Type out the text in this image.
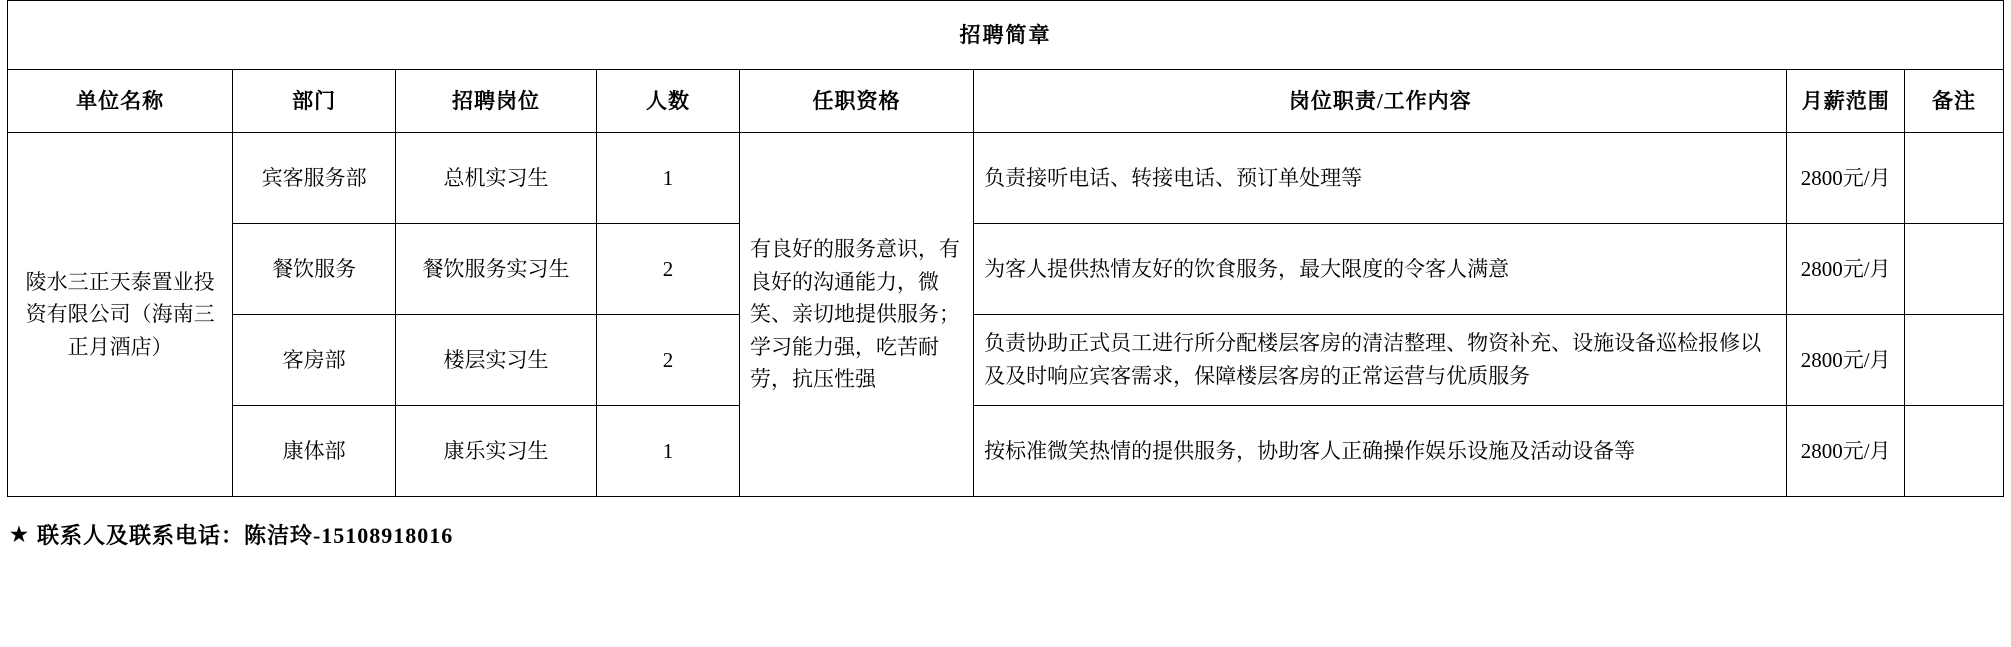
招聘简章							
单位名称	部门	招聘岗位	人数	任职资格	岗位职责/工作内容	月薪范围	备注
陵水三正天泰置业投资有限公司（海南三正月酒店）	宾客服务部	总机实习生	1	有良好的服务意识，有良好的沟通能力，微笑、亲切地提供服务；学习能力强，吃苦耐劳，抗压性强	负责接听电话、转接电话、预订单处理等	2800元/月	
	餐饮服务	餐饮服务实习生	2		为客人提供热情友好的饮食服务，最大限度的令客人满意	2800元/月	
	客房部	楼层实习生	2		负责协助正式员工进行所分配楼层客房的清洁整理、物资补充、设施设备巡检报修以及及时响应宾客需求，保障楼层客房的正常运营与优质服务	2800元/月	
	康体部	康乐实习生	1		按标准微笑热情的提供服务，协助客人正确操作娱乐设施及活动设备等	2800元/月	
★ 联系人及联系电话：陈洁玲-15108918016
